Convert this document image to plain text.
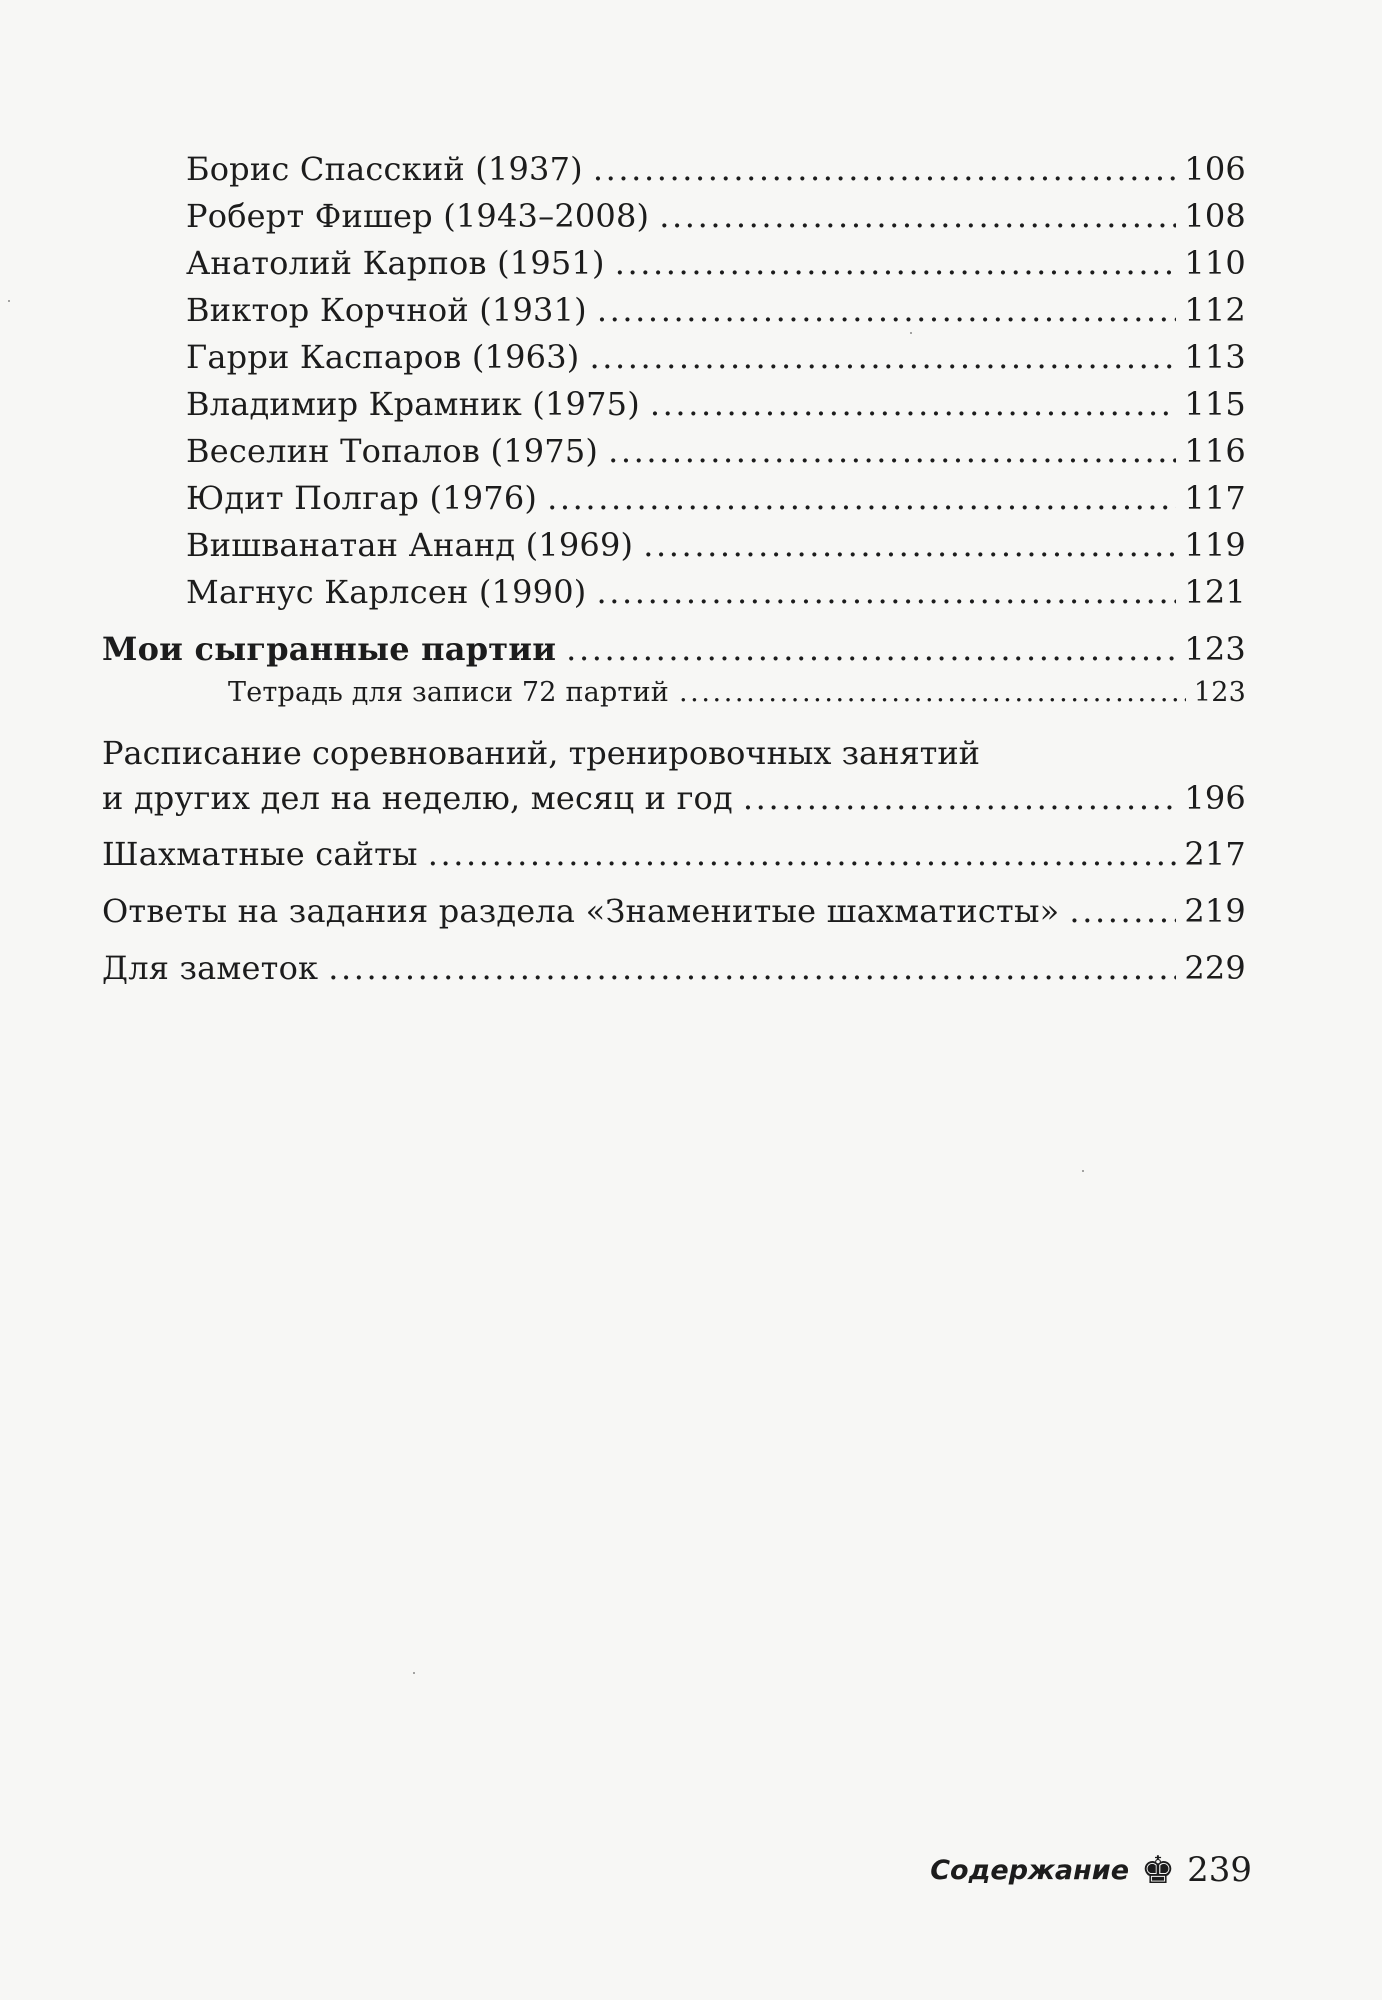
Борис Спасский (1937) .....	106
Роберт Фишер (1943–2008) .....	108
Анатолий Карпов (1951) .....	110
Виктор Корчной (1931) .....	112
Гарри Каспаров (1963) .....	113
Владимир Крамник (1975) .....	115
Веселин Топалов (1975) .....	116
Юдит Полгар (1976) .....	117
Вишванатан Ананд (1969) .....	119
Магнус Карлсен (1990) .....	121
Мои сыгранные партии .....	123
Тетрадь для записи 72 партий .....	123
Расписание соревнований, тренировочных занятий
и других дел на неделю, месяц и год .....	196
Шахматные сайты .....	217
Ответы на задания раздела «Знаменитые шахматисты» .....	219
Для заметок .....	229
Содержание ♚ 239
